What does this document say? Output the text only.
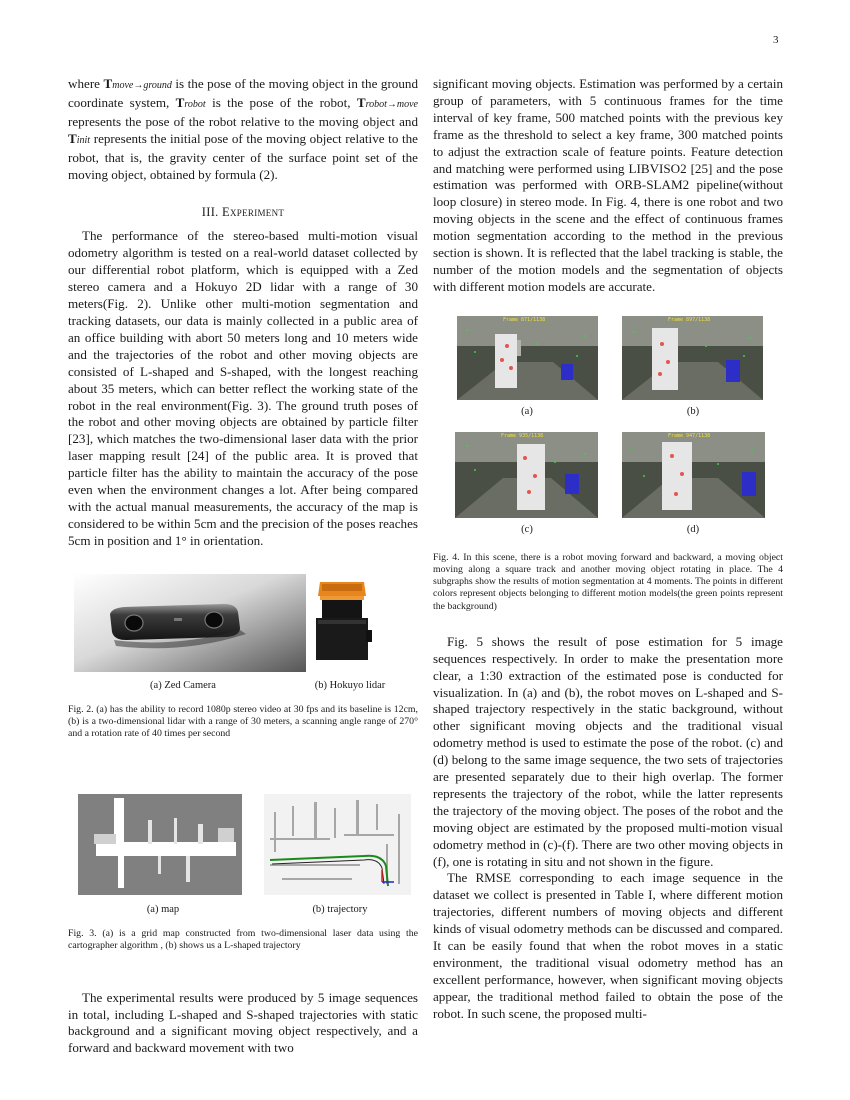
3

where Tmove→ground is the pose of the moving object in the ground coordinate system, Trobot is the pose of the robot, Trobot→move represents the pose of the robot relative to the moving object and Tinit represents the initial pose of the moving object relative to the robot, that is, the gravity center of the surface point set of the moving object, obtained by formula (2).

III. Experiment

The performance of the stereo-based multi-motion visual odometry algorithm is tested on a real-world dataset collected by our differential robot platform, which is equipped with a Zed stereo camera and a Hokuyo 2D lidar with a range of 30 meters(Fig. 2). Unlike other multi-motion segmentation and tracking datasets, our data is mainly collected in a public area of an office building with abort 50 meters long and 10 meters wide and the trajectories of the robot and other moving objects are consisted of L-shaped and S-shaped, with the longest reaching about 35 meters, which can better reflect the working state of the robot in the real environment(Fig. 3). The ground truth poses of the robot and other moving objects are obtained by particle filter [23], which matches the two-dimensional laser data with the prior laser mapping result [24] of the public area. It is proved that particle filter has the ability to maintain the accuracy of the pose even when the environment changes a lot. After being compared with the actual manual measurements, the accuracy of the map is considered to be within 5cm and the precision of the poses reaches 5cm in position and 1° in orientation.

(a) Zed Camera	(b) Hokuyo lidar
Fig. 2. (a) has the ability to record 1080p stereo video at 30 fps and its baseline is 12cm, (b) is a two-dimensional lidar with a range of 30 meters, a scanning angle range of 270° and a rotation rate of 40 times per second
(a) map	(b) trajectory
Fig. 3. (a) is a grid map constructed from two-dimensional laser data using the cartographer algorithm , (b) shows us a L-shaped trajectory

The experimental results were produced by 5 image sequences in total, including L-shaped and S-shaped trajectories with static background and a significant moving object respectively, and a forward and backward movement with two

significant moving objects. Estimation was performed by a certain group of parameters, with 5 continuous frames for the time interval of key frame, 500 matched points with the previous key frame as the threshold to select a key frame, 300 matched points to adjust the extraction scale of feature points. Feature detection and matching were performed using LIBVISO2 [25] and the pose estimation was performed with ORB-SLAM2 pipeline(without loop closure) in stereo mode. In Fig. 4, there is one robot and two moving objects in the scene and the effect of continuous frames motion segmentation according to the method in the previous section is shown. It is reflected that the label tracking is stable, the number of the motion models and the segmentation of objects with different motion models are accurate.

Frame 871/1138	Frame 897/1138
(a)	(b)
Frame 935/1138	Frame 947/1138
(c)	(d)
Fig. 4. In this scene, there is a robot moving forward and backward, a moving object moving along a square track and another moving object rotating in place. The 4 subgraphs show the results of motion segmentation at 4 moments. The points in different colors represent objects belonging to different motion models(the green points represent the background)

Fig. 5 shows the result of pose estimation for 5 image sequences respectively. In order to make the presentation more clear, a 1:30 extraction of the estimated pose is conducted for visualization. In (a) and (b), the robot moves on L-shaped and S-shaped trajectory respectively in the static background, without other significant moving objects and the traditional visual odometry method is used to estimate the pose of the robot. (c) and (d) belong to the same image sequence, the two sets of trajectories are presented separately due to their high overlap. The former represents the trajectory of the robot, while the latter represents the trajectory of the moving object. The poses of the robot and the moving object are estimated by the proposed multi-motion visual odometry method in (c)-(f). There are two other moving objects in (f), one is rotating in situ and not shown in the figure.

The RMSE corresponding to each image sequence in the dataset we collect is presented in Table I, where different motion trajectories, different numbers of moving objects and different kinds of visual odometry methods can be discussed and compared. It can be easily found that when the robot moves in a static environment, the traditional visual odometry method has an excellent performance, however, when significant moving objects appear, the traditional method failed to obtain the pose of the robot. In such scene, the proposed multi-
